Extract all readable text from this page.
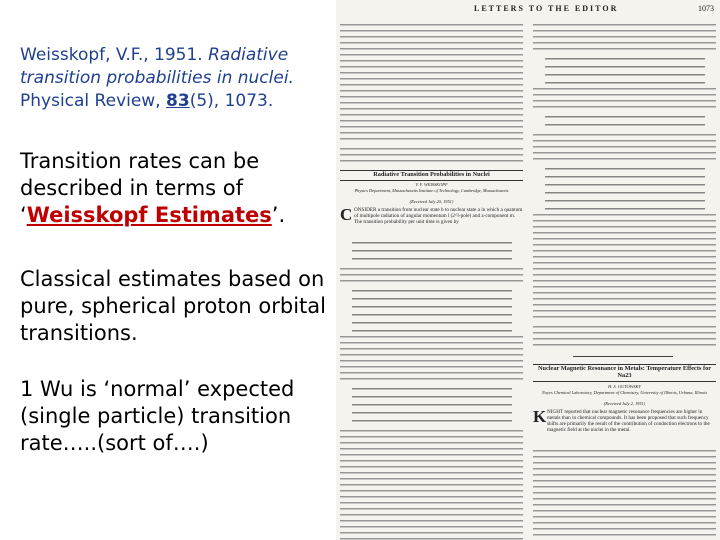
Weisskopf, V.F., 1951. Radiative transition probabilities in nuclei. Physical Review, 83(5), 1073.
Transition rates can be described in terms of ‘Weisskopf Estimates’.
Classical estimates based on pure, spherical proton orbital transitions.
1 Wu is ‘normal’ expected (single particle) transition rate…..(sort of….)
LETTERS TO THE EDITOR	1073
Radiative Transition Probabilities in Nuclei
V. F. WEISSKOPF
Physics Department, Massachusetts Institute of Technology, Cambridge, Massachusetts
(Received July 20, 1951)
C ONSIDER a transition from nuclear state b to nuclear state a in which a quantum of multipole radiation of angular momentum l (2^l-pole) and z-component m. The transition probability per unit time is given by
Nuclear Magnetic Resonance in Metals: Temperature Effects for Na23
H. S. GUTOWSKY
Noyes Chemical Laboratory, Department of Chemistry, University of Illinois, Urbana, Illinois
(Received July 2, 1951)
K NIGHT reported that nuclear magnetic resonance frequencies are higher in metals than in chemical compounds. It has been proposed that such frequency shifts are primarily the result of the contribution of conduction electrons to the magnetic field at the nuclei in the metal.
